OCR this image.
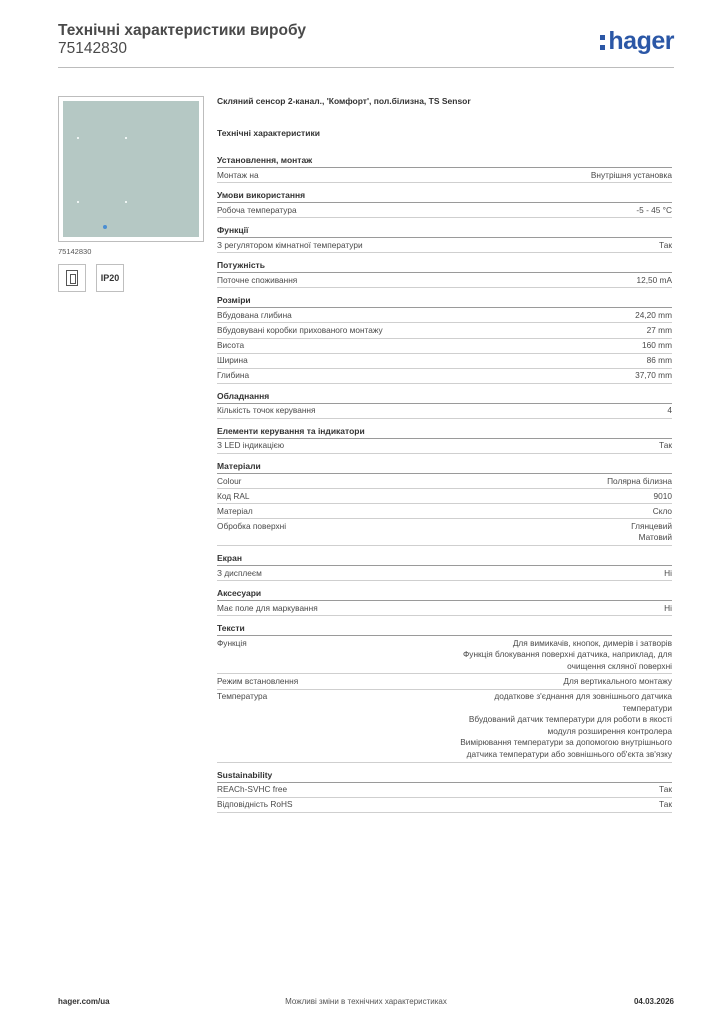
Технічні характеристики виробу
75142830	hager
75142830
IP20
Скляний сенсор 2-канал., 'Комфорт', пол.білизна, TS Sensor
Технічні характеристики
Установлення, монтаж
Монтаж на	Внутрішня установка
Умови використання
Робоча температура	-5 - 45 °C
Функції
З регулятором кімнатної температури	Так
Потужність
Поточне споживання	12,50 mA
Розміри
Вбудована глибина	24,20 mm
Вбудовувані коробки прихованого монтажу	27 mm
Висота	160 mm
Ширина	86 mm
Глибина	37,70 mm
Обладнання
Кількість точок керування	4
Елементи керування та індикатори
З LED індикацією	Так
Матеріали
Colour	Полярна білизна
Код RAL	9010
Матеріал	Скло
Обробка поверхні	Глянцевий
Матовий
Екран
З дисплеєм	Ні
Аксесуари
Має поле для маркування	Ні
Тексти
Функція	Для вимикачів, кнопок, димерів і затворів
Функція блокування поверхні датчика, наприклад, для
очищення скляної поверхні
Режим встановлення	Для вертикального монтажу
Температура	додаткове з'єднання для зовнішнього датчика
температури
Вбудований датчик температури для роботи в якості
модуля розширення контролера
Вимірювання температури за допомогою внутрішнього
датчика температури або зовнішнього об'єкта зв'язку
Sustainability
REACh-SVHC free	Так
Відповідність RoHS	Так
hager.com/ua	Можливі зміни в технічних характеристиках	04.03.2026
